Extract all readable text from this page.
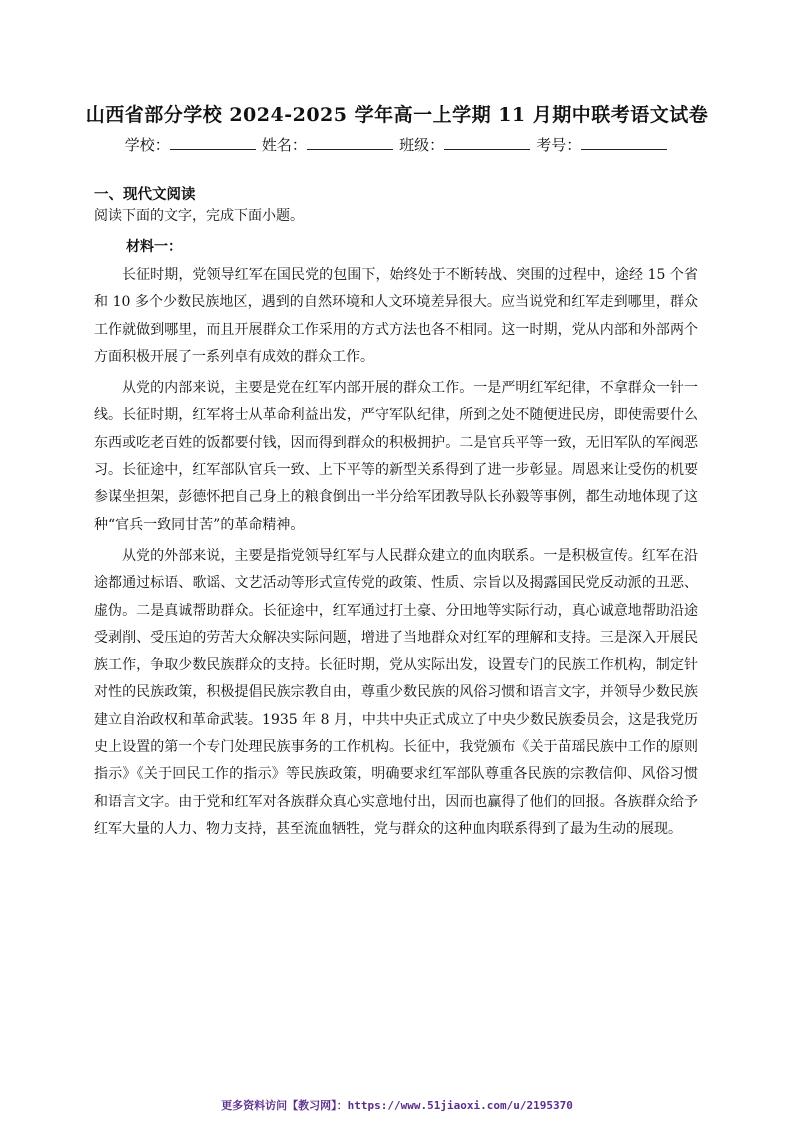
山西省部分学校 2024-2025 学年高一上学期 11 月期中联考语文试卷
学校：	姓名：	班级：	考号：
一、现代文阅读
阅读下面的文字，完成下面小题。
材料一：

长征时期，党领导红军在国民党的包围下，始终处于不断转战、突围的过程中，途经 15 个省和 10 多个少数民族地区，遇到的自然环境和人文环境差异很大。应当说党和红军走到哪里，群众工作就做到哪里，而且开展群众工作采用的方式方法也各不相同。这一时期，党从内部和外部两个方面积极开展了一系列卓有成效的群众工作。

从党的内部来说，主要是党在红军内部开展的群众工作。一是严明红军纪律，不拿群众一针一线。长征时期，红军将士从革命利益出发，严守军队纪律，所到之处不随便进民房，即使需要什么东西或吃老百姓的饭都要付钱，因而得到群众的积极拥护。二是官兵平等一致，无旧军队的军阀恶习。长征途中，红军部队官兵一致、上下平等的新型关系得到了进一步彰显。周恩来让受伤的机要参谋坐担架，彭德怀把自己身上的粮食倒出一半分给军团教导队长孙毅等事例，都生动地体现了这种“官兵一致同甘苦”的革命精神。

从党的外部来说，主要是指党领导红军与人民群众建立的血肉联系。一是积极宣传。红军在沿途都通过标语、歌谣、文艺活动等形式宣传党的政策、性质、宗旨以及揭露国民党反动派的丑恶、虚伪。二是真诚帮助群众。长征途中，红军通过打土豪、分田地等实际行动，真心诚意地帮助沿途受剥削、受压迫的劳苦大众解决实际问题，增进了当地群众对红军的理解和支持。三是深入开展民族工作，争取少数民族群众的支持。长征时期，党从实际出发，设置专门的民族工作机构，制定针对性的民族政策，积极提倡民族宗教自由，尊重少数民族的风俗习惯和语言文字，并领导少数民族建立自治政权和革命武装。1935 年 8 月，中共中央正式成立了中央少数民族委员会，这是我党历史上设置的第一个专门处理民族事务的工作机构。长征中，我党颁布《关于苗瑶民族中工作的原则指示》《关于回民工作的指示》等民族政策，明确要求红军部队尊重各民族的宗教信仰、风俗习惯和语言文字。由于党和红军对各族群众真心实意地付出，因而也赢得了他们的回报。各族群众给予红军大量的人力、物力支持，甚至流血牺牲，党与群众的这种血肉联系得到了最为生动的展现。

更多资料访问【教习网】：https://www.51jiaoxi.com/u/2195370
